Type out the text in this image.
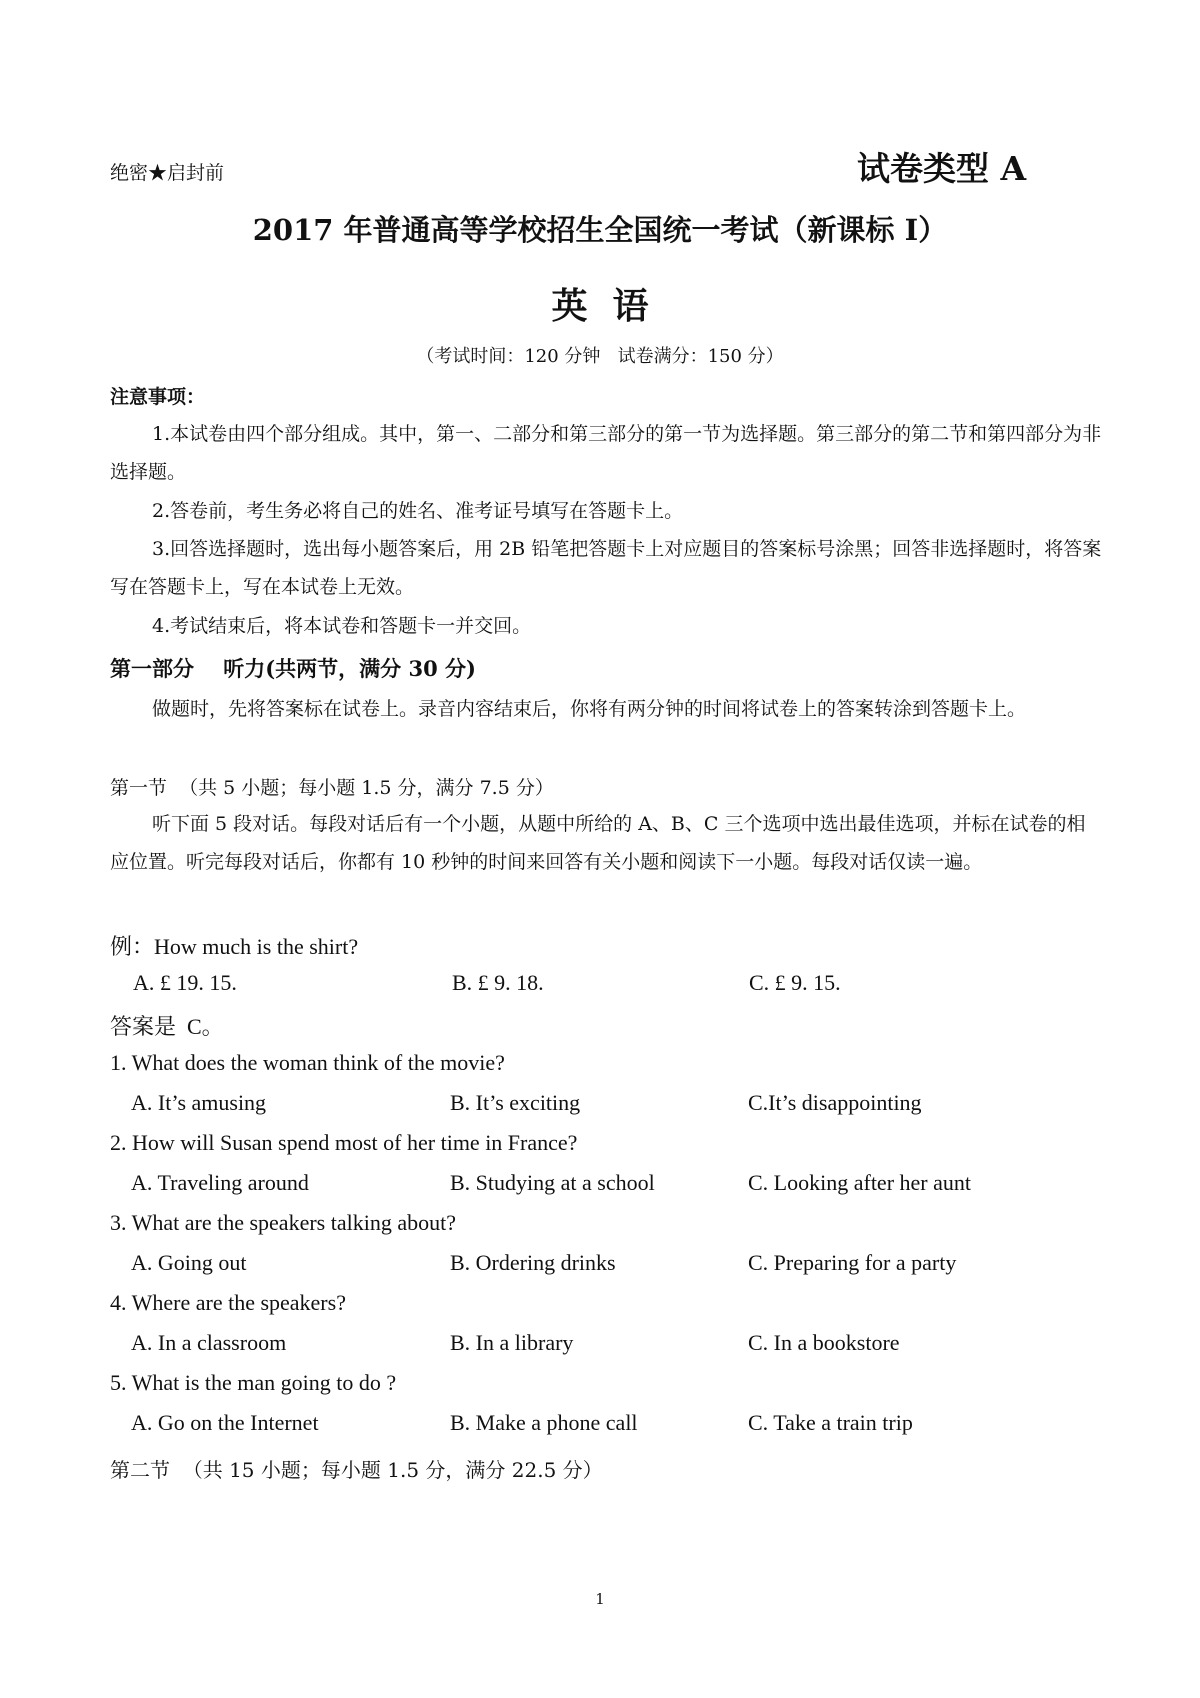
绝密★启封前	试卷类型 A
2017 年普通高等学校招生全国统一考试（新课标 I）
英  语
（考试时间：120 分钟   试卷满分：150 分）
注意事项：
1.本试卷由四个部分组成。其中，第一、二部分和第三部分的第一节为选择题。第三部分的第二节和第四部分为非选择题。
2.答卷前，考生务必将自己的姓名、准考证号填写在答题卡上。
3.回答选择题时，选出每小题答案后，用 2B 铅笔把答题卡上对应题目的答案标号涂黑；回答非选择题时，将答案写在答题卡上，写在本试卷上无效。
4.考试结束后，将本试卷和答题卡一并交回。
第一部分    听力(共两节，满分 30 分)
做题时，先将答案标在试卷上。录音内容结束后，你将有两分钟的时间将试卷上的答案转涂到答题卡上。
第一节  （共 5 小题；每小题 1.5 分，满分 7.5 分）
听下面 5 段对话。每段对话后有一个小题，从题中所给的 A、B、C 三个选项中选出最佳选项，并标在试卷的相应位置。听完每段对话后，你都有 10 秒钟的时间来回答有关小题和阅读下一小题。每段对话仅读一遍。
例：How much is the shirt?
A. £ 19. 15.	B. £ 9. 18.	C. £ 9. 15.
答案是  C。
1. What does the woman think of the movie?
A. It’s amusing	B. It’s exciting	C.It’s disappointing
2. How will Susan spend most of her time in France?
A. Traveling around	B. Studying at a school	C. Looking after her aunt
3. What are the speakers talking about?
A. Going out	B. Ordering drinks	C. Preparing for a party
4. Where are the speakers?
A. In a classroom	B. In a library	C. In a bookstore
5. What is the man going to do ?
A. Go on the Internet	B. Make a phone call	C. Take a train trip
第二节  （共 15 小题；每小题 1.5 分，满分 22.5 分）
1
